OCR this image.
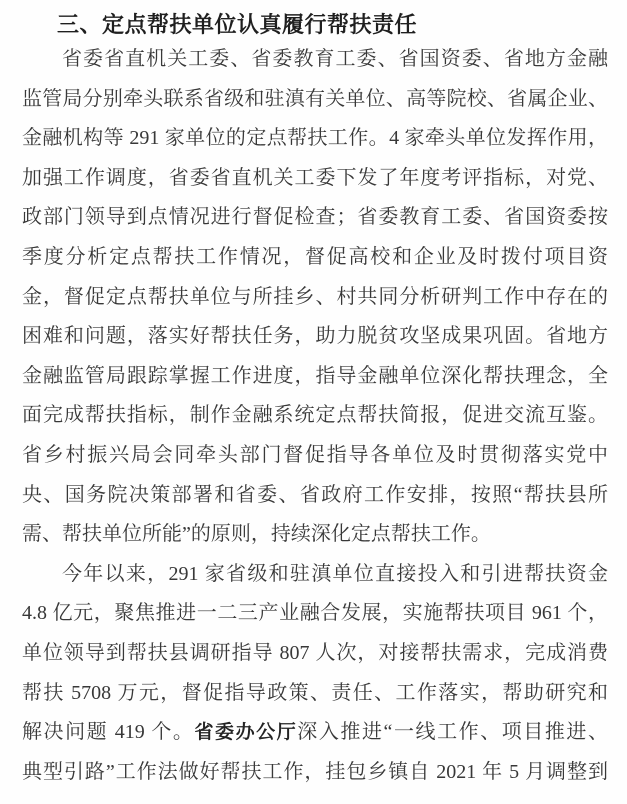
三、定点帮扶单位认真履行帮扶责任
省委省直机关工委、省委教育工委、省国资委、省地方金融
监管局分别牵头联系省级和驻滇有关单位、高等院校、省属企业、
金融机构等 291 家单位的定点帮扶工作。4 家牵头单位发挥作用，
加强工作调度，省委省直机关工委下发了年度考评指标，对党、
政部门领导到点情况进行督促检查；省委教育工委、省国资委按
季度分析定点帮扶工作情况，督促高校和企业及时拨付项目资
金，督促定点帮扶单位与所挂乡、村共同分析研判工作中存在的
困难和问题，落实好帮扶任务，助力脱贫攻坚成果巩固。省地方
金融监管局跟踪掌握工作进度，指导金融单位深化帮扶理念，全
面完成帮扶指标，制作金融系统定点帮扶简报，促进交流互鉴。
省乡村振兴局会同牵头部门督促指导各单位及时贯彻落实党中
央、国务院决策部署和省委、省政府工作安排，按照“帮扶县所
需、帮扶单位所能”的原则，持续深化定点帮扶工作。
今年以来，291 家省级和驻滇单位直接投入和引进帮扶资金
4.8 亿元，聚焦推进一二三产业融合发展，实施帮扶项目 961 个，
单位领导到帮扶县调研指导 807 人次，对接帮扶需求，完成消费
帮扶 5708 万元，督促指导政策、责任、工作落实，帮助研究和
解决问题 419 个。省委办公厅深入推进“一线工作、项目推进、
典型引路”工作法做好帮扶工作，挂包乡镇自 2021 年 5 月调整到
